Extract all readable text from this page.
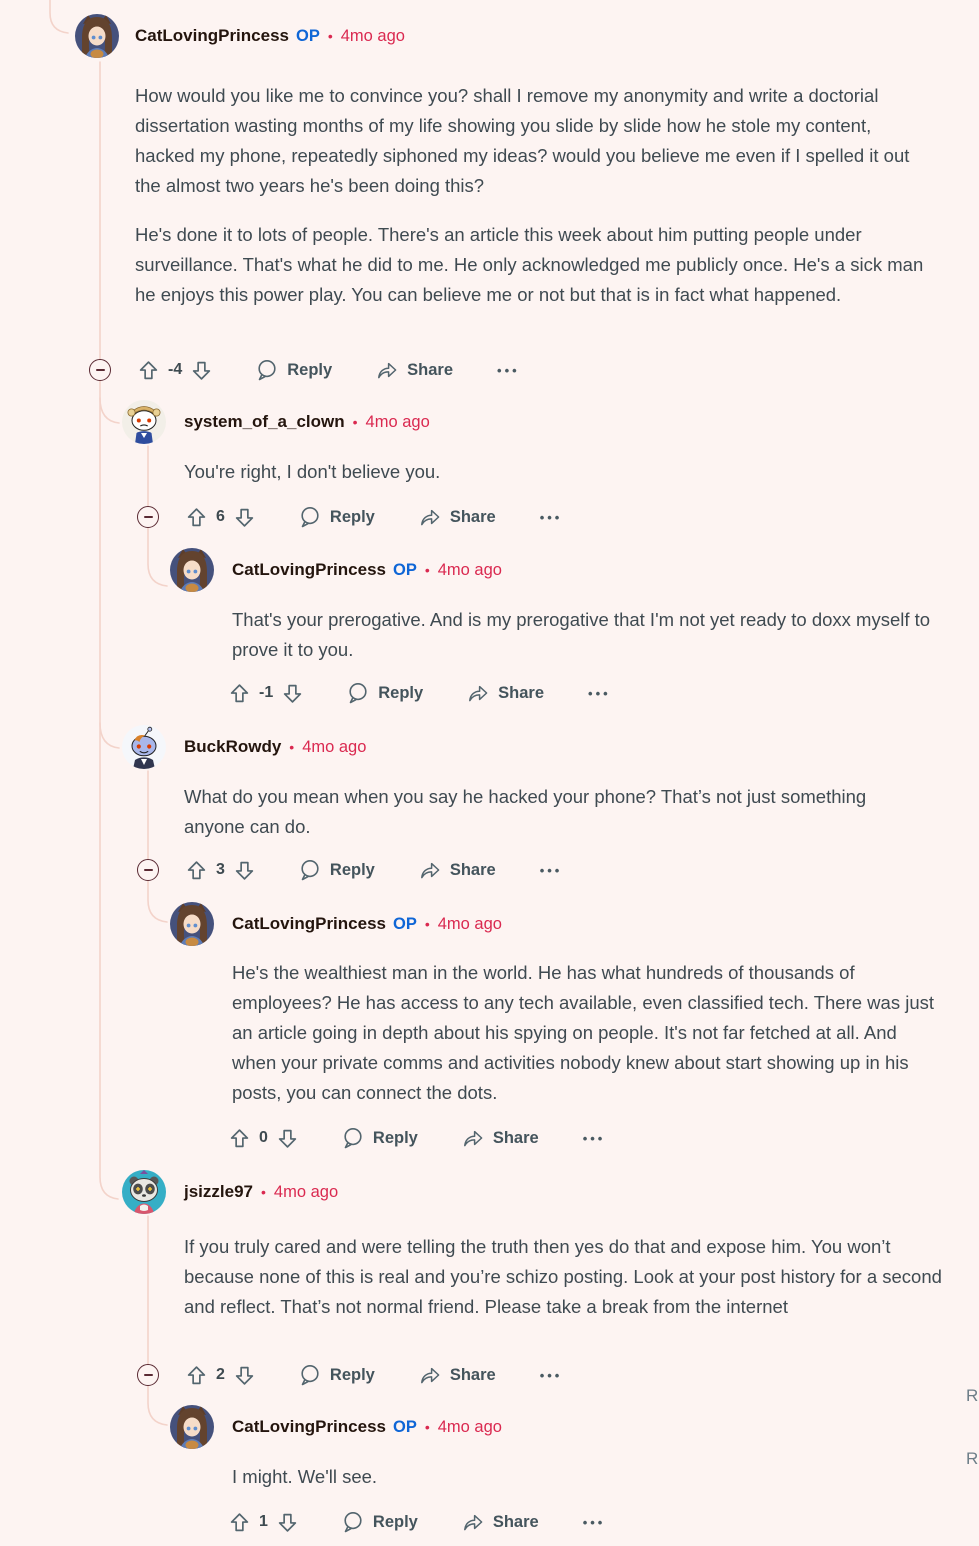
CatLovingPrincess OP • 4mo ago
How would you like me to convince you? shall I remove my anonymity and write a doctorial dissertation wasting months of my life showing you slide by slide how he stole my content, hacked my phone, repeatedly siphoned my ideas? would you believe me even if I spelled it out the almost two years he's been doing this?
He's done it to lots of people. There's an article this week about him putting people under surveillance. That's what he did to me. He only acknowledged me publicly once. He's a sick man he enjoys this power play. You can believe me or not but that is in fact what happened.
-4	Reply	Share	•••
system_of_a_clown • 4mo ago
You're right, I don't believe you.
6	Reply	Share	•••
CatLovingPrincess OP • 4mo ago
That's your prerogative. And is my prerogative that I'm not yet ready to doxx myself to prove it to you.
-1	Reply	Share	•••
BuckRowdy • 4mo ago
What do you mean when you say he hacked your phone? That’s not just something anyone can do.
3	Reply	Share	•••
CatLovingPrincess OP • 4mo ago
He's the wealthiest man in the world. He has what hundreds of thousands of employees? He has access to any tech available, even classified tech. There was just an article going in depth about his spying on people. It's not far fetched at all. And when your private comms and activities nobody knew about start showing up in his posts, you can connect the dots.
0	Reply	Share	•••
jsizzle97 • 4mo ago
If you truly cared and were telling the truth then yes do that and expose him. You won’t because none of this is real and you’re schizo posting. Look at your post history for a second and reflect. That’s not normal friend. Please take a break from the internet
2	Reply	Share	•••
CatLovingPrincess OP • 4mo ago
I might. We'll see.
1	Reply	Share	•••
R
R
